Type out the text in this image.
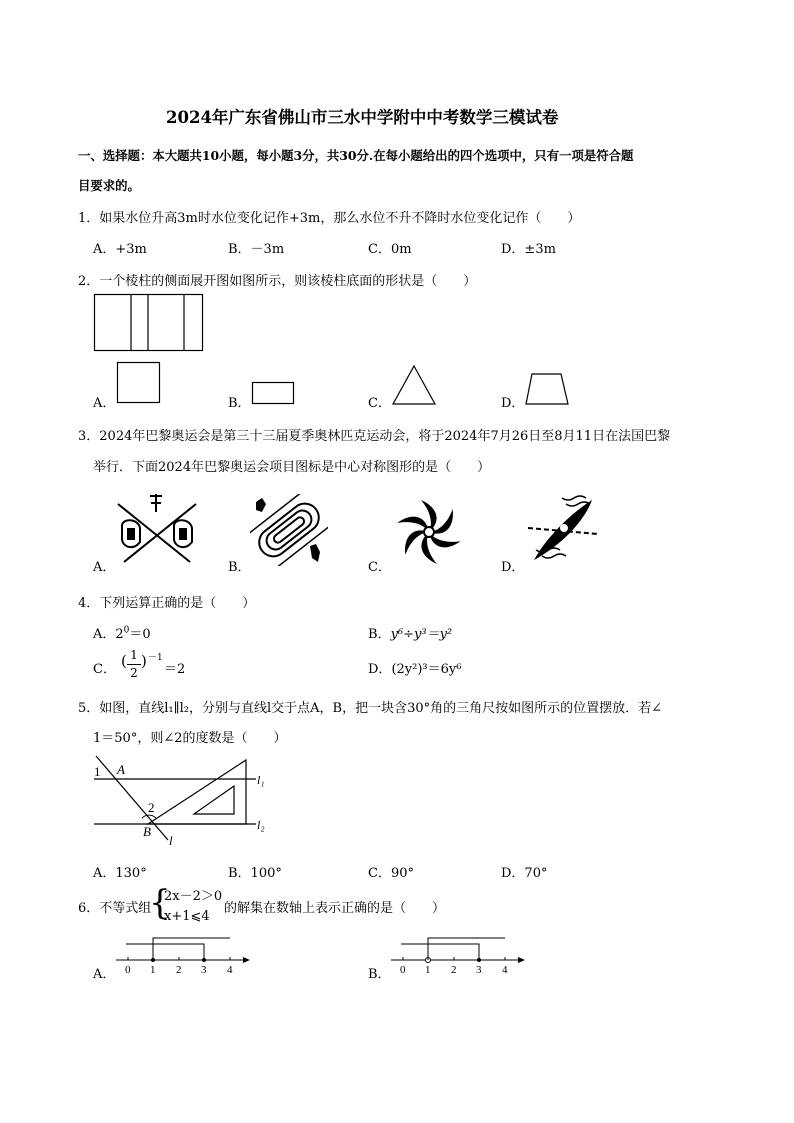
2024年广东省佛山市三水中学附中中考数学三模试卷
一、选择题：本大题共10小题，每小题3分，共30分.在每小题给出的四个选项中，只有一项是符合题
目要求的。
1．如果水位升高3m时水位变化记作+3m，那么水位不升不降时水位变化记作（　　）
A．+3m	B．－3m	C．0m	D．±3m
2．一个棱柱的侧面展开图如图所示，则该棱柱底面的形状是（　　）
A．	B．	C．	D．
3．2024年巴黎奥运会是第三十三届夏季奥林匹克运动会，将于2024年7月26日至8月11日在法国巴黎
举行．下面2024年巴黎奥运会项目图标是中心对称图形的是（　　）
A．	B．	C．	D．
4．下列运算正确的是（　　）
A．$2^0=0$	B．y⁶÷y³＝y²
C． ( 1
2
) －1
＝2	D．(2y²)³＝6y⁶
5．如图，直线l₁∥l₂，分别与直线l交于点A，B，把一块含30°角的三角尺按如图所示的位置摆放．若∠
1＝50°，则∠2的度数是（　　）
1 A
2
B
l
l₁
l₂
A．130°	B．100°	C．90°	D．70°
6．不等式组
{
2x－2＞0
x+1⩽4
的解集在数轴上表示正确的是（　　）
A． 0 1 2 3 4	B． 0 1 2 3 4
